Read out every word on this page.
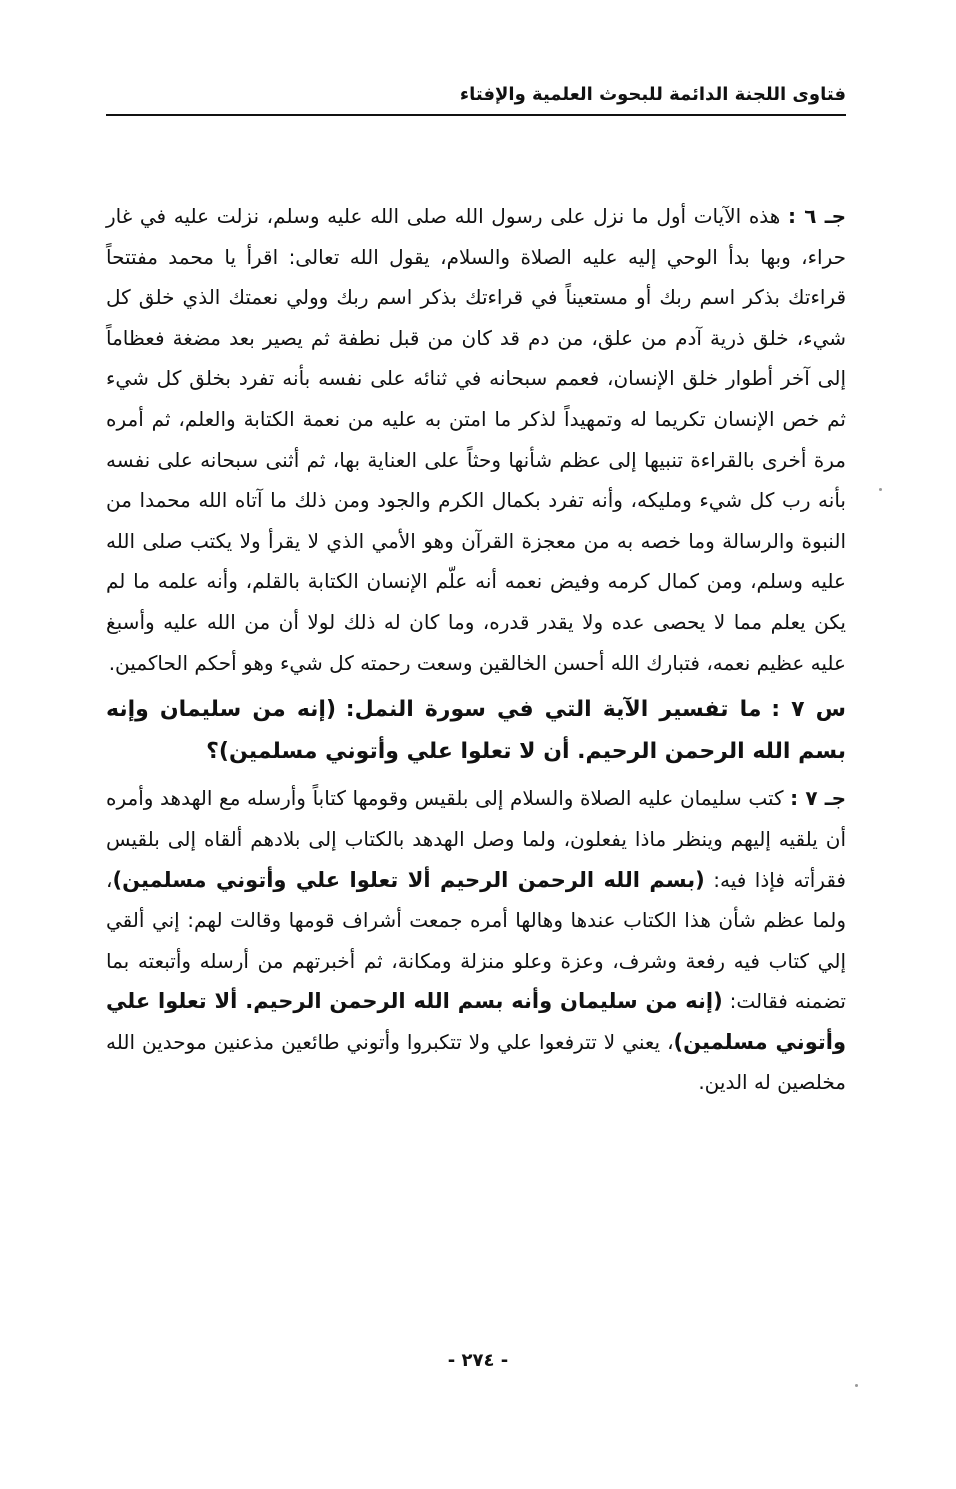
فتاوى اللجنة الدائمة للبحوث العلمية والإفتاء

جـ ٦ : هذه الآيات أول ما نزل على رسول الله صلى الله عليه وسلم، نزلت عليه في غار حراء، وبها بدأ الوحي إليه عليه الصلاة والسلام، يقول الله تعالى: اقرأ يا محمد مفتتحاً قراءتك بذكر اسم ربك أو مستعيناً في قراءتك بذكر اسم ربك وولي نعمتك الذي خلق كل شيء، خلق ذرية آدم من علق، من دم قد كان من قبل نطفة ثم يصير بعد مضغة فعظاماً إلى آخر أطوار خلق الإنسان، فعمم سبحانه في ثنائه على نفسه بأنه تفرد بخلق كل شيء ثم خص الإنسان تكريما له وتمهيداً لذكر ما امتن به عليه من نعمة الكتابة والعلم، ثم أمره مرة أخرى بالقراءة تنبيها إلى عظم شأنها وحثاً على العناية بها، ثم أثنى سبحانه على نفسه بأنه رب كل شيء ومليكه، وأنه تفرد بكمال الكرم والجود ومن ذلك ما آتاه الله محمدا من النبوة والرسالة وما خصه به من معجزة القرآن وهو الأمي الذي لا يقرأ ولا يكتب صلى الله عليه وسلم، ومن كمال كرمه وفيض نعمه أنه علّم الإنسان الكتابة بالقلم، وأنه علمه ما لم يكن يعلم مما لا يحصى عده ولا يقدر قدره، وما كان له ذلك لولا أن من الله عليه وأسبغ عليه عظيم نعمه، فتبارك الله أحسن الخالقين وسعت رحمته كل شيء وهو أحكم الحاكمين.

س ٧ : ما تفسير الآية التي في سورة النمل: (إنه من سليمان وإنه بسم الله الرحمن الرحيم. أن لا تعلوا علي وأتوني مسلمين)؟

جـ ٧ : كتب سليمان عليه الصلاة والسلام إلى بلقيس وقومها كتاباً وأرسله مع الهدهد وأمره أن يلقيه إليهم وينظر ماذا يفعلون، ولما وصل الهدهد بالكتاب إلى بلادهم ألقاه إلى بلقيس فقرأته فإذا فيه: (بسم الله الرحمن الرحيم ألا تعلوا علي وأتوني مسلمين)، ولما عظم شأن هذا الكتاب عندها وهالها أمره جمعت أشراف قومها وقالت لهم: إني ألقي إلي كتاب فيه رفعة وشرف، وعزة وعلو منزلة ومكانة، ثم أخبرتهم من أرسله وأتبعته بما تضمنه فقالت: (إنه من سليمان وأنه بسم الله الرحمن الرحيم. ألا تعلوا علي وأتوني مسلمين)، يعني لا تترفعوا علي ولا تتكبروا وأتوني طائعين مذعنين موحدين الله مخلصين له الدين.

- ٢٧٤ -
